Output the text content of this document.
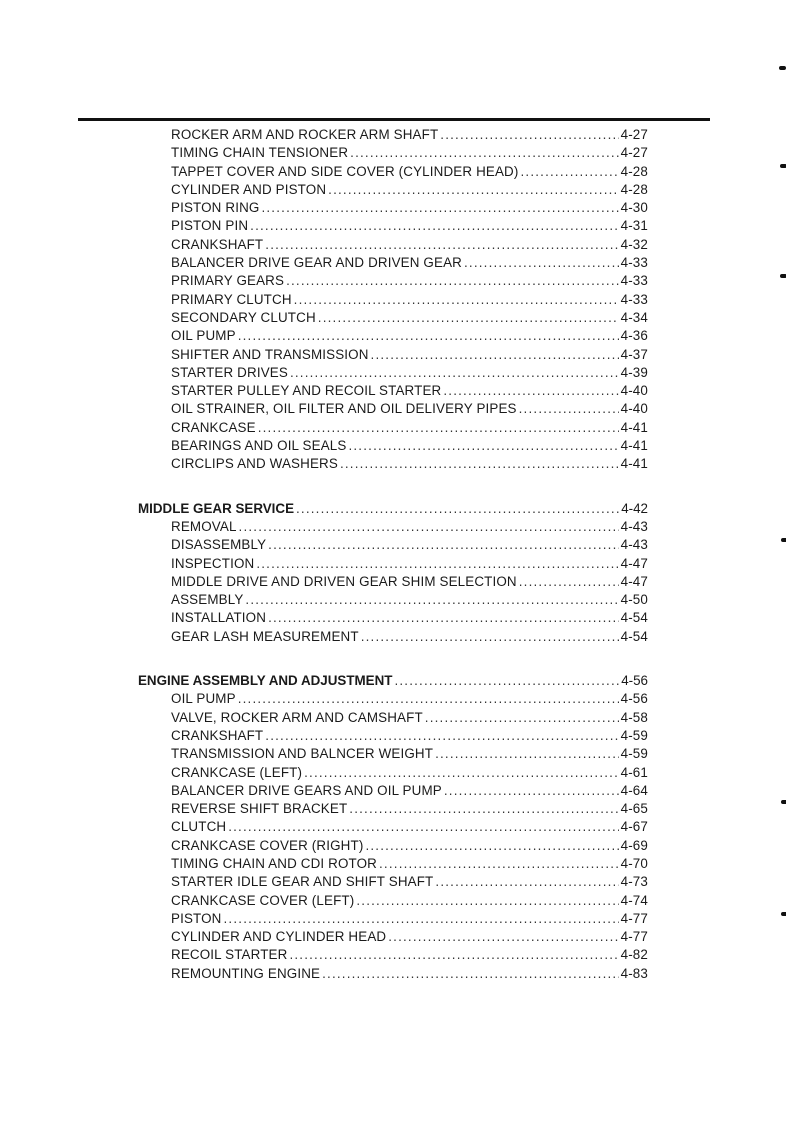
ROCKER ARM AND ROCKER ARM SHAFT .....	4-27
TIMING CHAIN TENSIONER .....	4-27
TAPPET COVER AND SIDE COVER (CYLINDER HEAD) .....	4-28
CYLINDER AND PISTON .....	4-28
PISTON RING .....	4-30
PISTON PIN .....	4-31
CRANKSHAFT .....	4-32
BALANCER DRIVE GEAR AND DRIVEN GEAR .....	4-33
PRIMARY GEARS .....	4-33
PRIMARY CLUTCH .....	4-33
SECONDARY CLUTCH .....	4-34
OIL PUMP .....	4-36
SHIFTER AND TRANSMISSION .....	4-37
STARTER DRIVES .....	4-39
STARTER PULLEY AND RECOIL STARTER .....	4-40
OIL STRAINER, OIL FILTER AND OIL DELIVERY PIPES .....	4-40
CRANKCASE .....	4-41
BEARINGS AND OIL SEALS .....	4-41
CIRCLIPS AND WASHERS .....	4-41
MIDDLE GEAR SERVICE .....	4-42
REMOVAL .....	4-43
DISASSEMBLY .....	4-43
INSPECTION .....	4-47
MIDDLE DRIVE AND DRIVEN GEAR SHIM SELECTION .....	4-47
ASSEMBLY .....	4-50
INSTALLATION .....	4-54
GEAR LASH MEASUREMENT .....	4-54
ENGINE ASSEMBLY AND ADJUSTMENT .....	4-56
OIL PUMP .....	4-56
VALVE, ROCKER ARM AND CAMSHAFT .....	4-58
CRANKSHAFT .....	4-59
TRANSMISSION AND BALNCER WEIGHT .....	4-59
CRANKCASE (LEFT) .....	4-61
BALANCER DRIVE GEARS AND OIL PUMP .....	4-64
REVERSE SHIFT BRACKET .....	4-65
CLUTCH .....	4-67
CRANKCASE COVER (RIGHT) .....	4-69
TIMING CHAIN AND CDI ROTOR .....	4-70
STARTER IDLE GEAR AND SHIFT SHAFT .....	4-73
CRANKCASE COVER (LEFT) .....	4-74
PISTON .....	4-77
CYLINDER AND CYLINDER HEAD .....	4-77
RECOIL STARTER .....	4-82
REMOUNTING ENGINE .....	4-83
